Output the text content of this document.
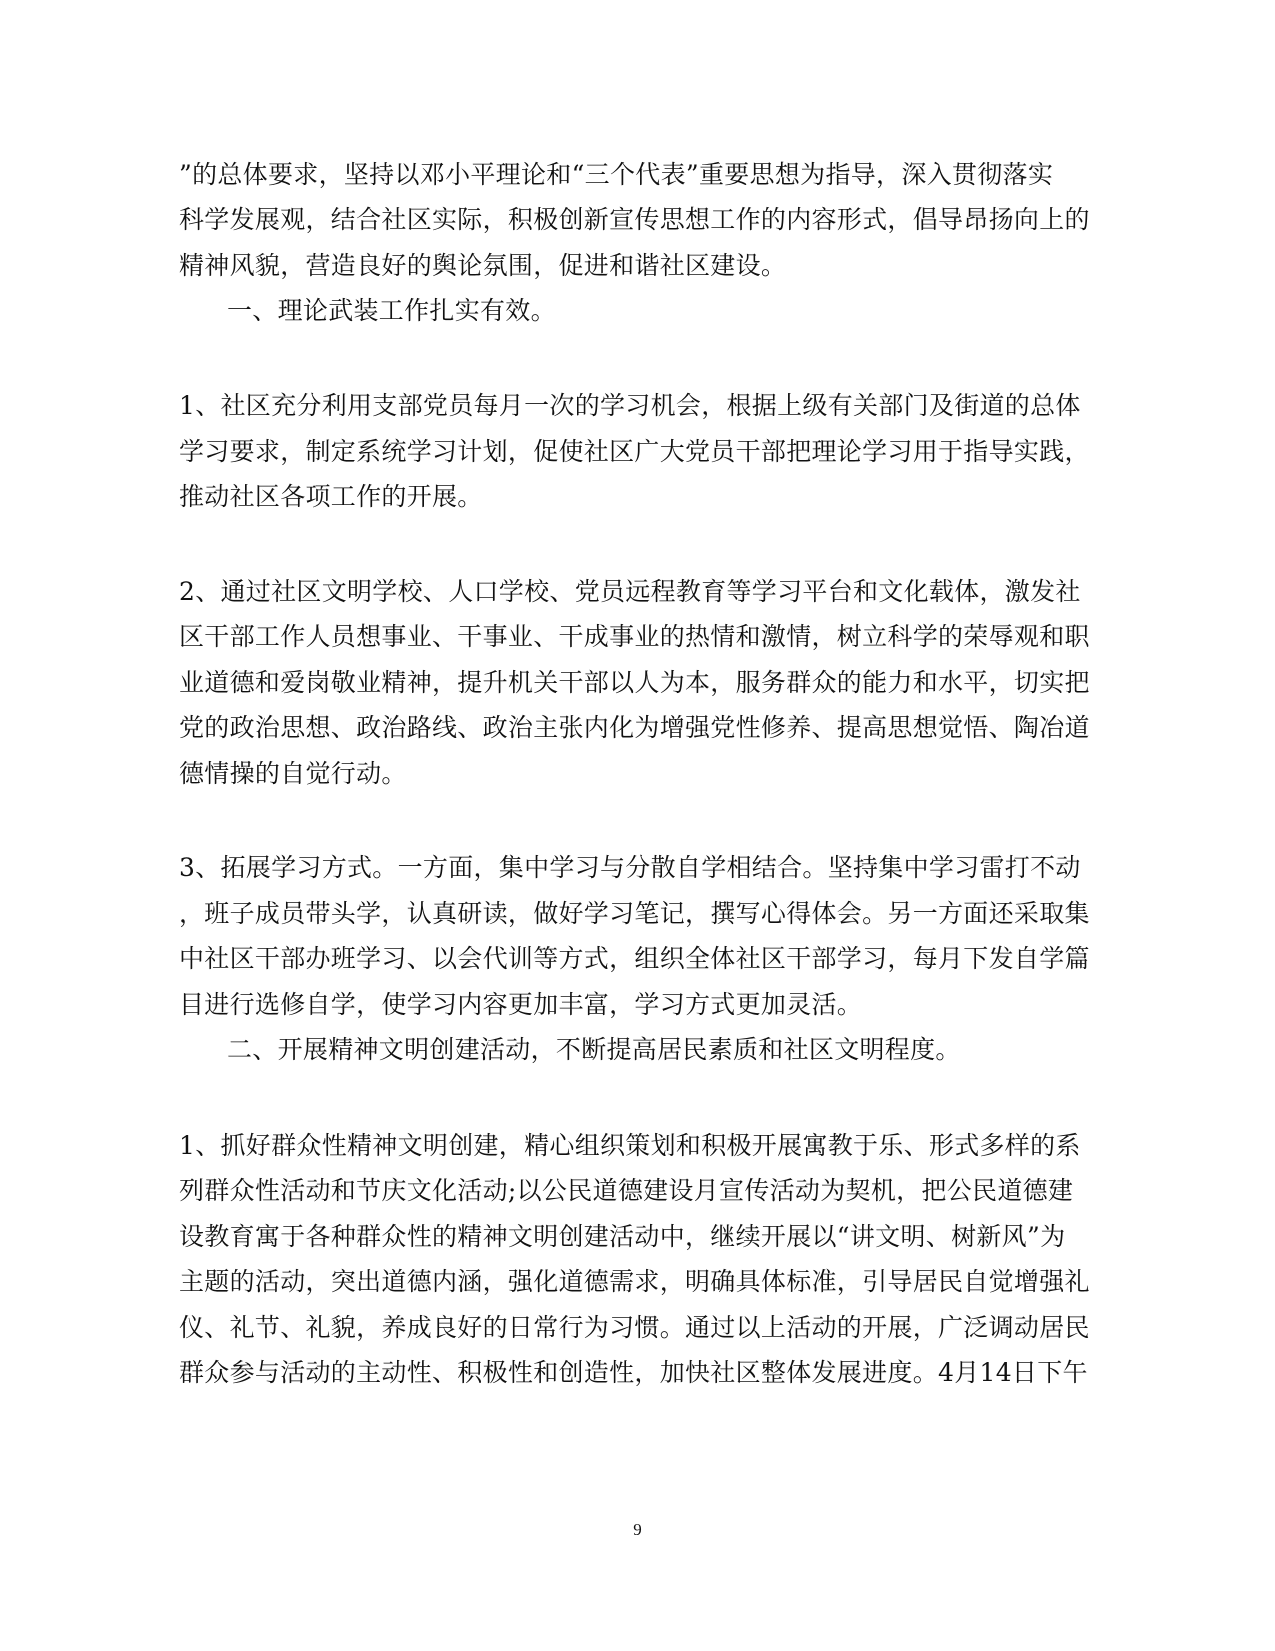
”的总体要求，坚持以邓小平理论和“三个代表”重要思想为指导，深入贯彻落实
科学发展观，结合社区实际，积极创新宣传思想工作的内容形式，倡导昂扬向上的
精神风貌，营造良好的舆论氛围，促进和谐社区建设。
一、理论武装工作扎实有效。
1、社区充分利用支部党员每月一次的学习机会，根据上级有关部门及街道的总体
学习要求，制定系统学习计划，促使社区广大党员干部把理论学习用于指导实践，
推动社区各项工作的开展。
2、通过社区文明学校、人口学校、党员远程教育等学习平台和文化载体，激发社
区干部工作人员想事业、干事业、干成事业的热情和激情，树立科学的荣辱观和职
业道德和爱岗敬业精神，提升机关干部以人为本，服务群众的能力和水平，切实把
党的政治思想、政治路线、政治主张内化为增强党性修养、提高思想觉悟、陶冶道
德情操的自觉行动。
3、拓展学习方式。一方面，集中学习与分散自学相结合。坚持集中学习雷打不动
，班子成员带头学，认真研读，做好学习笔记，撰写心得体会。另一方面还采取集
中社区干部办班学习、以会代训等方式，组织全体社区干部学习，每月下发自学篇
目进行选修自学，使学习内容更加丰富，学习方式更加灵活。
二、开展精神文明创建活动，不断提高居民素质和社区文明程度。
1、抓好群众性精神文明创建，精心组织策划和积极开展寓教于乐、形式多样的系
列群众性活动和节庆文化活动;以公民道德建设月宣传活动为契机，把公民道德建
设教育寓于各种群众性的精神文明创建活动中，继续开展以“讲文明、树新风”为
主题的活动，突出道德内涵，强化道德需求，明确具体标准，引导居民自觉增强礼
仪、礼节、礼貌，养成良好的日常行为习惯。通过以上活动的开展，广泛调动居民
群众参与活动的主动性、积极性和创造性，加快社区整体发展进度。4月14日下午
9
